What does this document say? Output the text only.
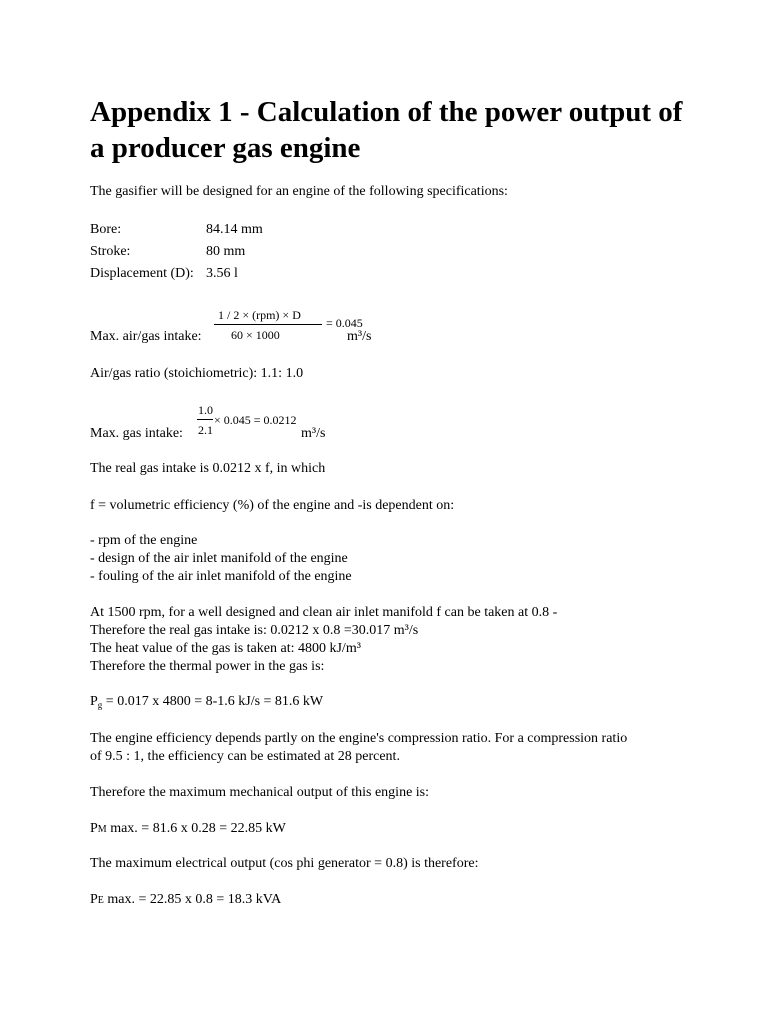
Appendix 1 - Calculation of the power output of a producer gas engine
The gasifier will be designed for an engine of the following specifications:
Bore:	84.14 mm
Stroke:	80 mm
Displacement (D): 3.56 l
Max. air/gas intake:
1 / 2 × (rpm) × D
60 × 1000
= 0.045
m³/s
Air/gas ratio (stoichiometric): 1.1: 1.0
Max. gas intake:
1.0
2.1
× 0.045 = 0.0212
m³/s
The real gas intake is 0.0212 x f, in which
f = volumetric efficiency (%) of the engine and -is dependent on:
- rpm of the engine
- design of the air inlet manifold of the engine
- fouling of the air inlet manifold of the engine
At 1500 rpm, for a well designed and clean air inlet manifold f can be taken at 0.8 -
Therefore the real gas intake is: 0.0212 x 0.8 =30.017 m³/s
The heat value of the gas is taken at: 4800 kJ/m³
Therefore the thermal power in the gas is:
$P_g = 0.017$ x 4800 = 8-1.6 kJ/s = 81.6 kW
The engine efficiency depends partly on the engine's compression ratio. For a compression ratio
of 9.5 : 1, the efficiency can be estimated at 28 percent.
Therefore the maximum mechanical output of this engine is:
PM max. = 81.6 x 0.28 = 22.85 kW
The maximum electrical output (cos phi generator = 0.8) is therefore:
PE max. = 22.85 x 0.8 = 18.3 kVA
